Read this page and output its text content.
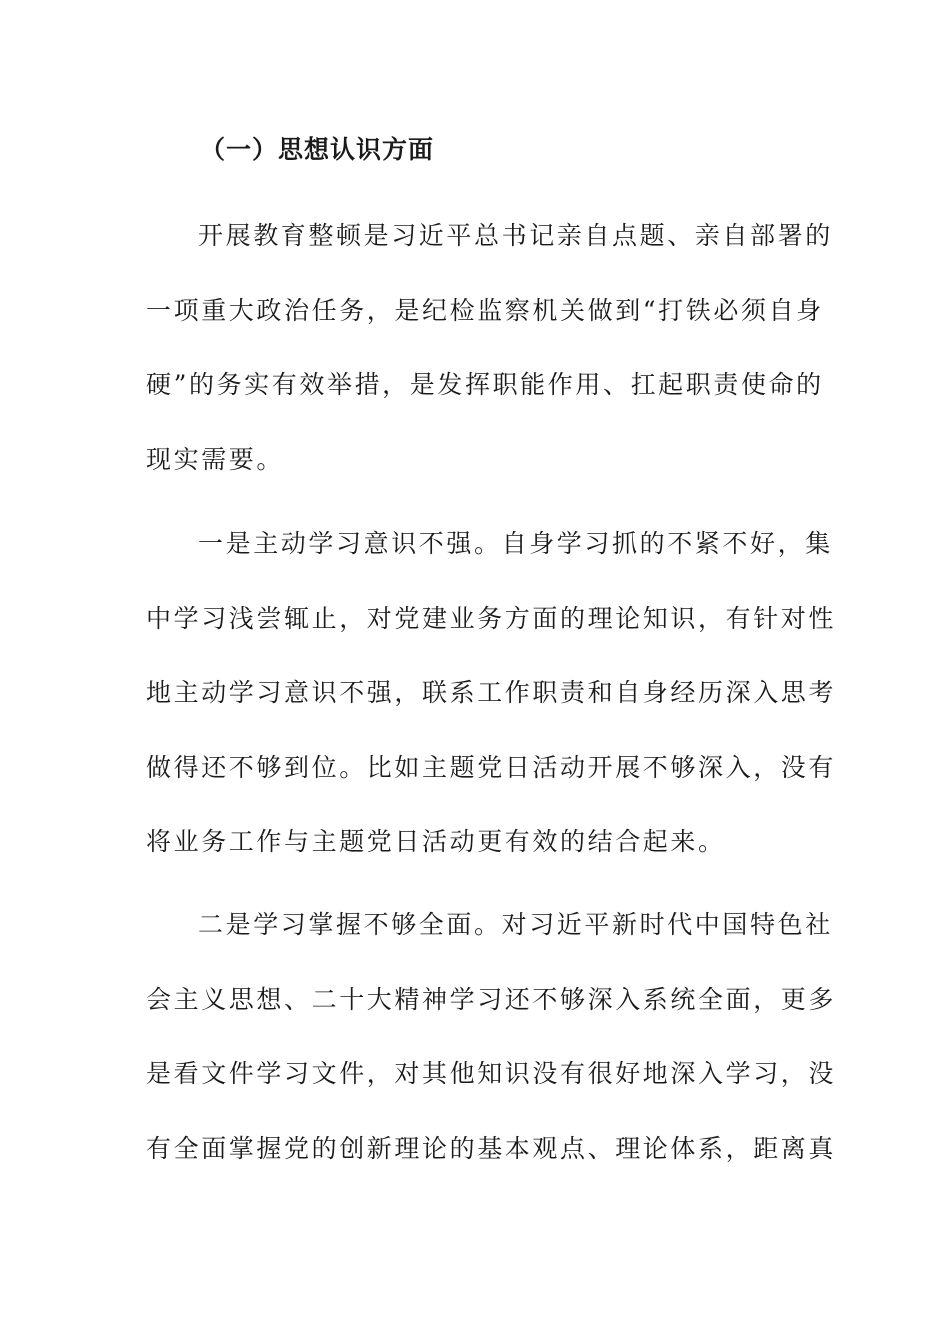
（一）思想认识方面
开展教育整顿是习近平总书记亲自点题、亲自部署的
一项重大政治任务，是纪检监察机关做到“打铁必须自身
硬”的务实有效举措，是发挥职能作用、扛起职责使命的
现实需要。
一是主动学习意识不强。自身学习抓的不紧不好，集
中学习浅尝辄止，对党建业务方面的理论知识，有针对性
地主动学习意识不强，联系工作职责和自身经历深入思考
做得还不够到位。比如主题党日活动开展不够深入，没有
将业务工作与主题党日活动更有效的结合起来。
二是学习掌握不够全面。对习近平新时代中国特色社
会主义思想、二十大精神学习还不够深入系统全面，更多
是看文件学习文件，对其他知识没有很好地深入学习，没
有全面掌握党的创新理论的基本观点、理论体系，距离真
